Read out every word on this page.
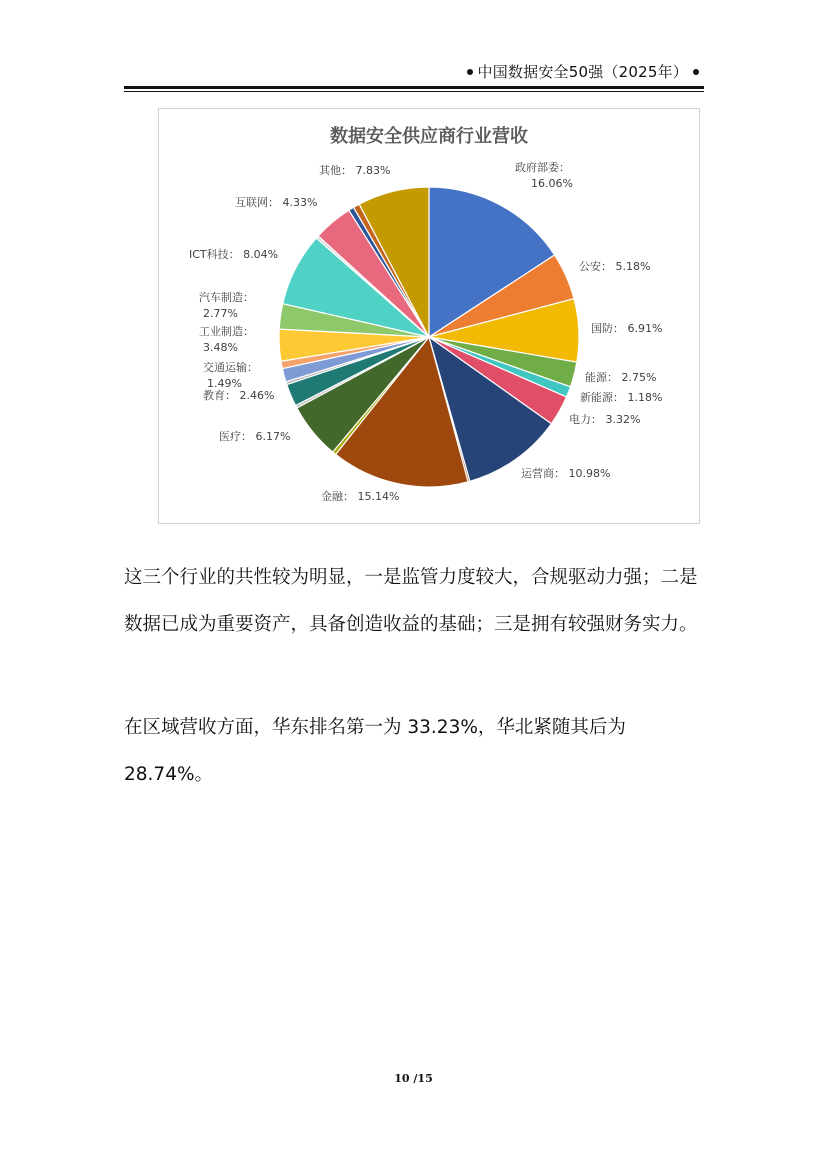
中国数据安全50强（2025年）
数据安全供应商行业营收
政府部委： 16.06%
公安： 5.18%
国防： 6.91%
能源： 2.75%
新能源： 1.18%
电力： 3.32%
运营商： 10.98%
金融： 15.14%
医疗： 6.17%
教育： 2.46%
交通运输： 1.49%
工业制造： 3.48%
汽车制造： 2.77%
ICT科技： 8.04%
互联网： 4.33%
其他： 7.83%

这三个行业的共性较为明显，一是监管力度较大，合规驱动力强；二是数据已成为重要资产，具备创造收益的基础；三是拥有较强财务实力。

在区域营收方面，华东排名第一为 33.23%，华北紧随其后为 28.74%。

10 /15
